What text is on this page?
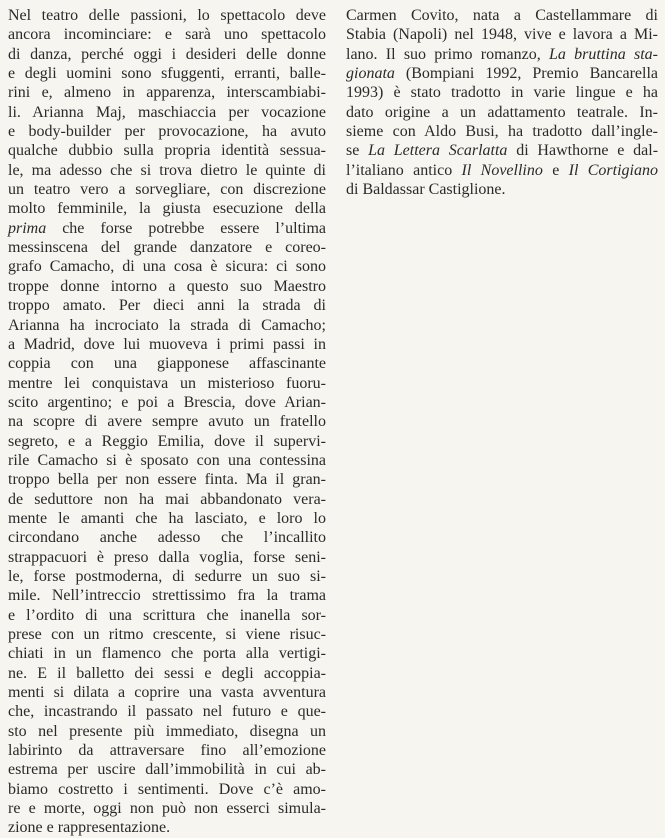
Nel teatro delle passioni, lo spettacolo deve
ancora incominciare: e sarà uno spettacolo
di danza, perché oggi i desideri delle donne
e degli uomini sono sfuggenti, erranti, balle-
rini e, almeno in apparenza, interscambiabi-
li. Arianna Maj, maschiaccia per vocazione
e body-builder per provocazione, ha avuto
qualche dubbio sulla propria identità sessua-
le, ma adesso che si trova dietro le quinte di
un teatro vero a sorvegliare, con discrezione
molto femminile, la giusta esecuzione della
prima che forse potrebbe essere l’ultima
messinscena del grande danzatore e coreo-
grafo Camacho, di una cosa è sicura: ci sono
troppe donne intorno a questo suo Maestro
troppo amato. Per dieci anni la strada di
Arianna ha incrociato la strada di Camacho;
a Madrid, dove lui muoveva i primi passi in
coppia con una giapponese affascinante
mentre lei conquistava un misterioso fuoru-
scito argentino; e poi a Brescia, dove Arian-
na scopre di avere sempre avuto un fratello
segreto, e a Reggio Emilia, dove il supervi-
rile Camacho si è sposato con una contessina
troppo bella per non essere finta. Ma il gran-
de seduttore non ha mai abbandonato vera-
mente le amanti che ha lasciato, e loro lo
circondano anche adesso che l’incallito
strappacuori è preso dalla voglia, forse seni-
le, forse postmoderna, di sedurre un suo si-
mile. Nell’intreccio strettissimo fra la trama
e l’ordito di una scrittura che inanella sor-
prese con un ritmo crescente, si viene risuc-
chiati in un flamenco che porta alla vertigi-
ne. E il balletto dei sessi e degli accoppia-
menti si dilata a coprire una vasta avventura
che, incastrando il passato nel futuro e que-
sto nel presente più immediato, disegna un
labirinto da attraversare fino all’emozione
estrema per uscire dall’immobilità in cui ab-
biamo costretto i sentimenti. Dove c’è amo-
re e morte, oggi non può non esserci simula-
zione e rappresentazione.
Carmen Covito, nata a Castellammare di
Stabia (Napoli) nel 1948, vive e lavora a Mi-
lano. Il suo primo romanzo, La bruttina sta-
gionata (Bompiani 1992, Premio Bancarella
1993) è stato tradotto in varie lingue e ha
dato origine a un adattamento teatrale. In-
sieme con Aldo Busi, ha tradotto dall’ingle-
se La Lettera Scarlatta di Hawthorne e dal-
l’italiano antico Il Novellino e Il Cortigiano
di Baldassar Castiglione.
